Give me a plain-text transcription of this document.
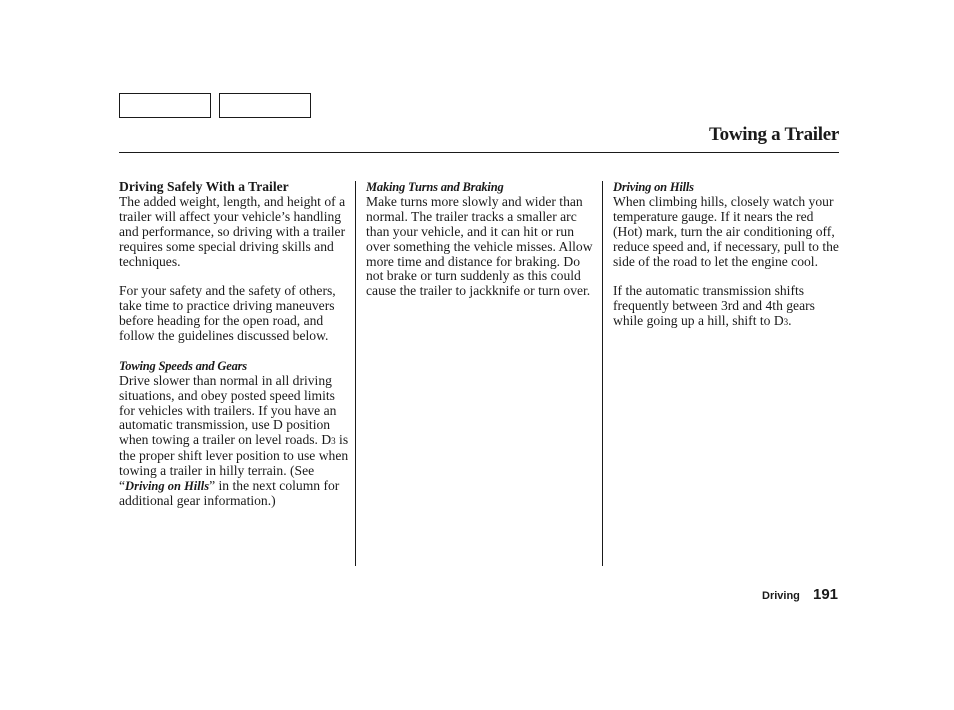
Towing a Trailer

Driving Safely With a Trailer

The added weight, length, and height of a trailer will affect your vehicle’s handling and performance, so driving with a trailer requires some special driving skills and techniques.

For your safety and the safety of others, take time to practice driving maneuvers before heading for the open road, and follow the guidelines discussed below.

Towing Speeds and Gears

Drive slower than normal in all driving situations, and obey posted speed limits for vehicles with trailers. If you have an automatic transmission, use D position when towing a trailer on level roads. D3 is the proper shift lever position to use when towing a trailer in hilly terrain. (See “Driving on Hills” in the next column for additional gear information.)

Making Turns and Braking

Make turns more slowly and wider than normal. The trailer tracks a smaller arc than your vehicle, and it can hit or run over something the vehicle misses. Allow more time and distance for braking. Do not brake or turn suddenly as this could cause the trailer to jackknife or turn over.

Driving on Hills

When climbing hills, closely watch your temperature gauge. If it nears the red (Hot) mark, turn the air conditioning off, reduce speed and, if necessary, pull to the side of the road to let the engine cool.

If the automatic transmission shifts frequently between 3rd and 4th gears while going up a hill, shift to D3.

Driving 191
